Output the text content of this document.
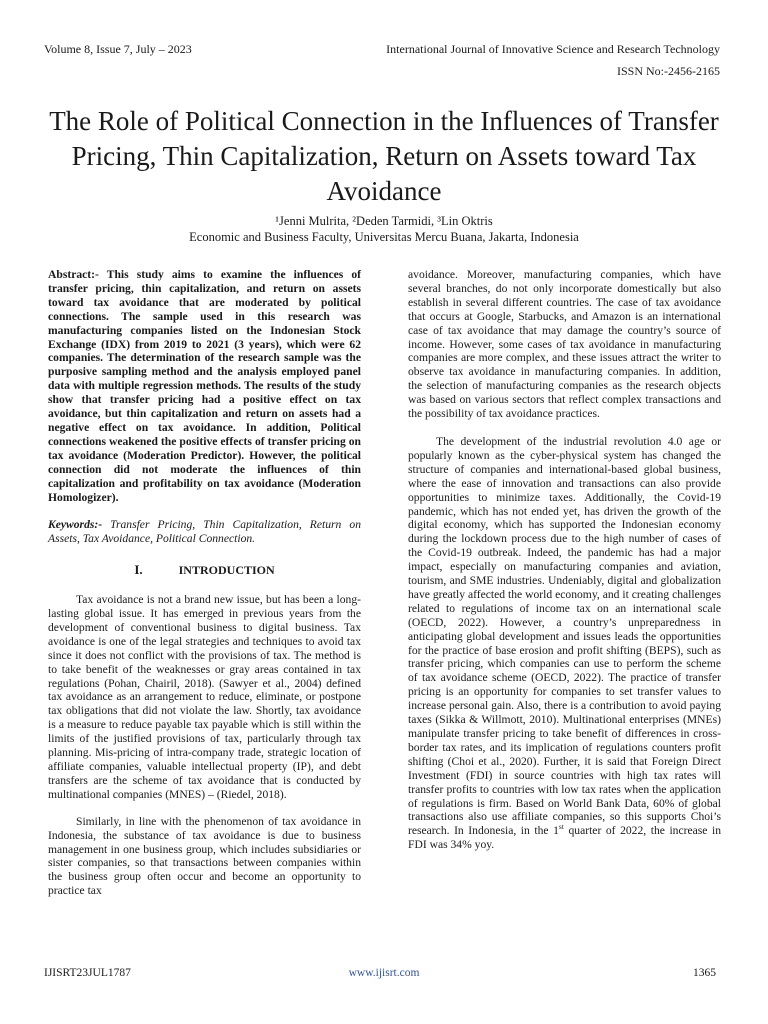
Volume 8, Issue 7, July – 2023	International Journal of Innovative Science and Research Technology
ISSN No:-2456-2165
The Role of Political Connection in the Influences of Transfer Pricing, Thin Capitalization, Return on Assets toward Tax Avoidance
¹Jenni Mulrita, ²Deden Tarmidi, ³Lin Oktris
Economic and Business Faculty, Universitas Mercu Buana, Jakarta, Indonesia

Abstract:- This study aims to examine the influences of transfer pricing, thin capitalization, and return on assets toward tax avoidance that are moderated by political connections. The sample used in this research was manufacturing companies listed on the Indonesian Stock Exchange (IDX) from 2019 to 2021 (3 years), which were 62 companies. The determination of the research sample was the purposive sampling method and the analysis employed panel data with multiple regression methods. The results of the study show that transfer pricing had a positive effect on tax avoidance, but thin capitalization and return on assets had a negative effect on tax avoidance. In addition, Political connections weakened the positive effects of transfer pricing on tax avoidance (Moderation Predictor). However, the political connection did not moderate the influences of thin capitalization and profitability on tax avoidance (Moderation Homologizer).

Keywords:- Transfer Pricing, Thin Capitalization, Return on Assets, Tax Avoidance, Political Connection.

I.	INTRODUCTION

Tax avoidance is not a brand new issue, but has been a long-lasting global issue. It has emerged in previous years from the development of conventional business to digital business. Tax avoidance is one of the legal strategies and techniques to avoid tax since it does not conflict with the provisions of tax. The method is to take benefit of the weaknesses or gray areas contained in tax regulations (Pohan, Chairil, 2018). (Sawyer et al., 2004) defined tax avoidance as an arrangement to reduce, eliminate, or postpone tax obligations that did not violate the law. Shortly, tax avoidance is a measure to reduce payable tax payable which is still within the limits of the justified provisions of tax, particularly through tax planning. Mis-pricing of intra-company trade, strategic location of affiliate companies, valuable intellectual property (IP), and debt transfers are the scheme of tax avoidance that is conducted by multinational companies (MNES) – (Riedel, 2018).

Similarly, in line with the phenomenon of tax avoidance in Indonesia, the substance of tax avoidance is due to business management in one business group, which includes subsidiaries or sister companies, so that transactions between companies within the business group often occur and become an opportunity to practice tax

avoidance. Moreover, manufacturing companies, which have several branches, do not only incorporate domestically but also establish in several different countries. The case of tax avoidance that occurs at Google, Starbucks, and Amazon is an international case of tax avoidance that may damage the country’s source of income. However, some cases of tax avoidance in manufacturing companies are more complex, and these issues attract the writer to observe tax avoidance in manufacturing companies. In addition, the selection of manufacturing companies as the research objects was based on various sectors that reflect complex transactions and the possibility of tax avoidance practices.

The development of the industrial revolution 4.0 age or popularly known as the cyber-physical system has changed the structure of companies and international-based global business, where the ease of innovation and transactions can also provide opportunities to minimize taxes. Additionally, the Covid-19 pandemic, which has not ended yet, has driven the growth of the digital economy, which has supported the Indonesian economy during the lockdown process due to the high number of cases of the Covid-19 outbreak. Indeed, the pandemic has had a major impact, especially on manufacturing companies and aviation, tourism, and SME industries. Undeniably, digital and globalization have greatly affected the world economy, and it creating challenges related to regulations of income tax on an international scale (OECD, 2022). However, a country’s unpreparedness in anticipating global development and issues leads the opportunities for the practice of base erosion and profit shifting (BEPS), such as transfer pricing, which companies can use to perform the scheme of tax avoidance scheme (OECD, 2022). The practice of transfer pricing is an opportunity for companies to set transfer values to increase personal gain. Also, there is a contribution to avoid paying taxes (Sikka & Willmott, 2010). Multinational enterprises (MNEs) manipulate transfer pricing to take benefit of differences in cross-border tax rates, and its implication of regulations counters profit shifting (Choi et al., 2020). Further, it is said that Foreign Direct Investment (FDI) in source countries with high tax rates will transfer profits to countries with low tax rates when the application of regulations is firm. Based on World Bank Data, 60% of global transactions also use affiliate companies, so this supports Choi’s research. In Indonesia, in the 1st quarter of 2022, the increase in FDI was 34% yoy.

IJISRT23JUL1787	www.ijisrt.com	1365
